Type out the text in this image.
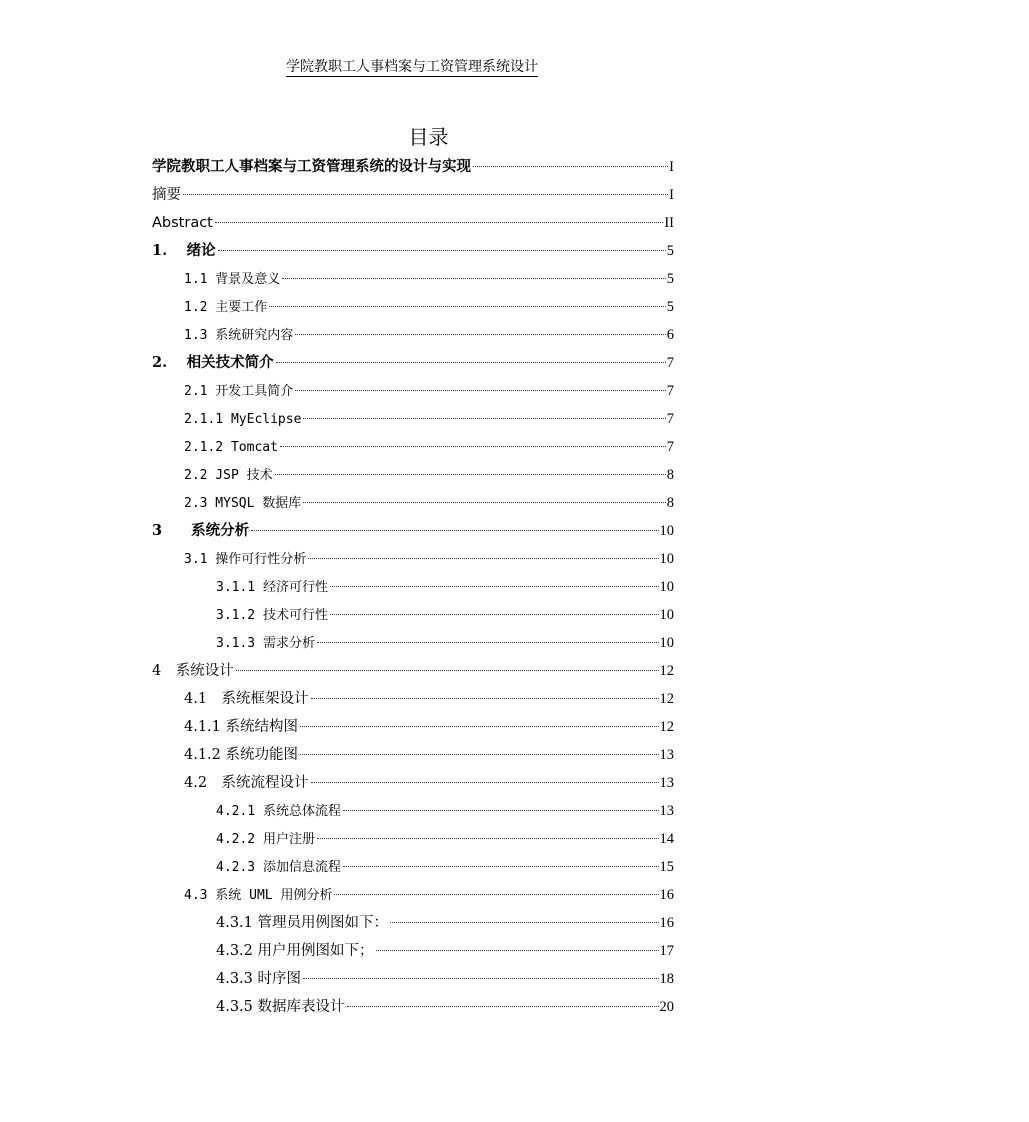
学院教职工人事档案与工资管理系统设计
目录
学院教职工人事档案与工资管理系统的设计与实现	I
摘要	I
Abstract	II
1.　 绪论	5
1.1 背景及意义	5
1.2 主要工作	5
1.3 系统研究内容	6
2.　 相关技术简介	7
2.1 开发工具简介	7
2.1.1 MyEclipse	7
2.1.2 Tomcat	7
2.2 JSP 技术	8
2.3 MYSQL 数据库	8
3　　系统分析	10
3.1 操作可行性分析	10
3.1.1 经济可行性	10
3.1.2 技术可行性	10
3.1.3 需求分析	10
4　系统设计	12
4.1　系统框架设计	12
4.1.1 系统结构图	12
4.1.2 系统功能图	13
4.2　系统流程设计	13
4.2.1 系统总体流程	13
4.2.2 用户注册	14
4.2.3 添加信息流程	15
4.3 系统 UML 用例分析	16
4.3.1 管理员用例图如下：	16
4.3.2 用户用例图如下；	17
4.3.3 时序图	18
4.3.5 数据库表设计	20
